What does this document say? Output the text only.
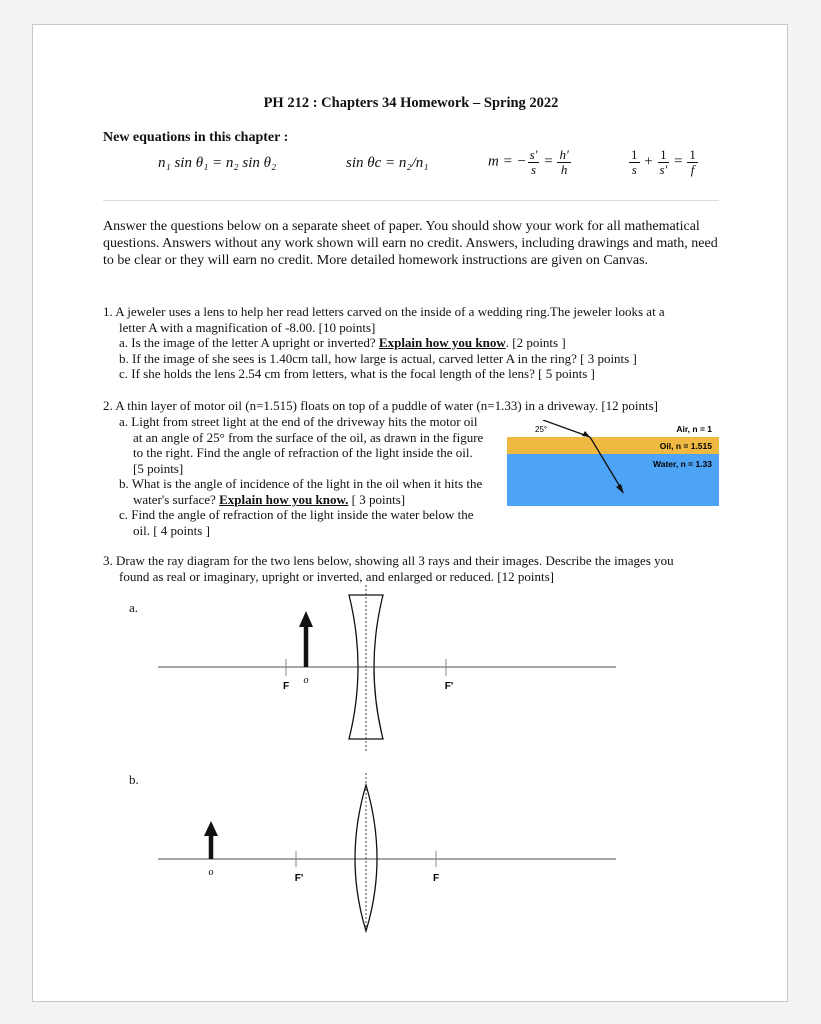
PH 212 : Chapters 34 Homework – Spring 2022
New equations in this chapter :
n₁ sin θ₁ = n₂ sin θ₂	sin θc = n₂/n₁	m = − $\frac{s'}{s} = \frac{h'}{h}$	$\frac{1}{s} + \frac{1}{s'} = \frac{1}{f}$
Answer the questions below on a separate sheet of paper. You should show your work for all mathematical questions. Answers without any work shown will earn no credit. Answers, including drawings and math, need to be clear or they will earn no credit. More detailed homework instructions are given on Canvas.
1. A jeweler uses a lens to help her read letters carved on the inside of a wedding ring.The jeweler looks at a
letter A with a magnification of -8.00. [10 points]
a. Is the image of the letter A upright or inverted? Explain how you know. [2 points ]
b. If the image of she sees is 1.40cm tall, how large is actual, carved letter A in the ring? [ 3 points ]
c. If she holds the lens 2.54 cm from letters, what is the focal length of the lens? [ 5 points ]
2. A thin layer of motor oil (n=1.515) floats on top of a puddle of water (n=1.33) in a driveway. [12 points]
a. Light from street light at the end of the driveway hits the motor oil
at an angle of 25° from the surface of the oil, as drawn in the figure
to the right. Find the angle of refraction of the light inside the oil.
[5 points]
b. What is the angle of incidence of the light in the oil when it hits the
water's surface? Explain how you know. [ 3 points]
c. Find the angle of refraction of the light inside the water below the
oil. [ 4 points ]
25°	Air, n = 1
Oil, n = 1.515
Water, n = 1.33
3. Draw the ray diagram for the two lens below, showing all 3 rays and their images. Describe the images you
found as real or imaginary, upright or inverted, and enlarged or reduced. [12 points]
a.
b.
F	F'
o
F'	F
o
